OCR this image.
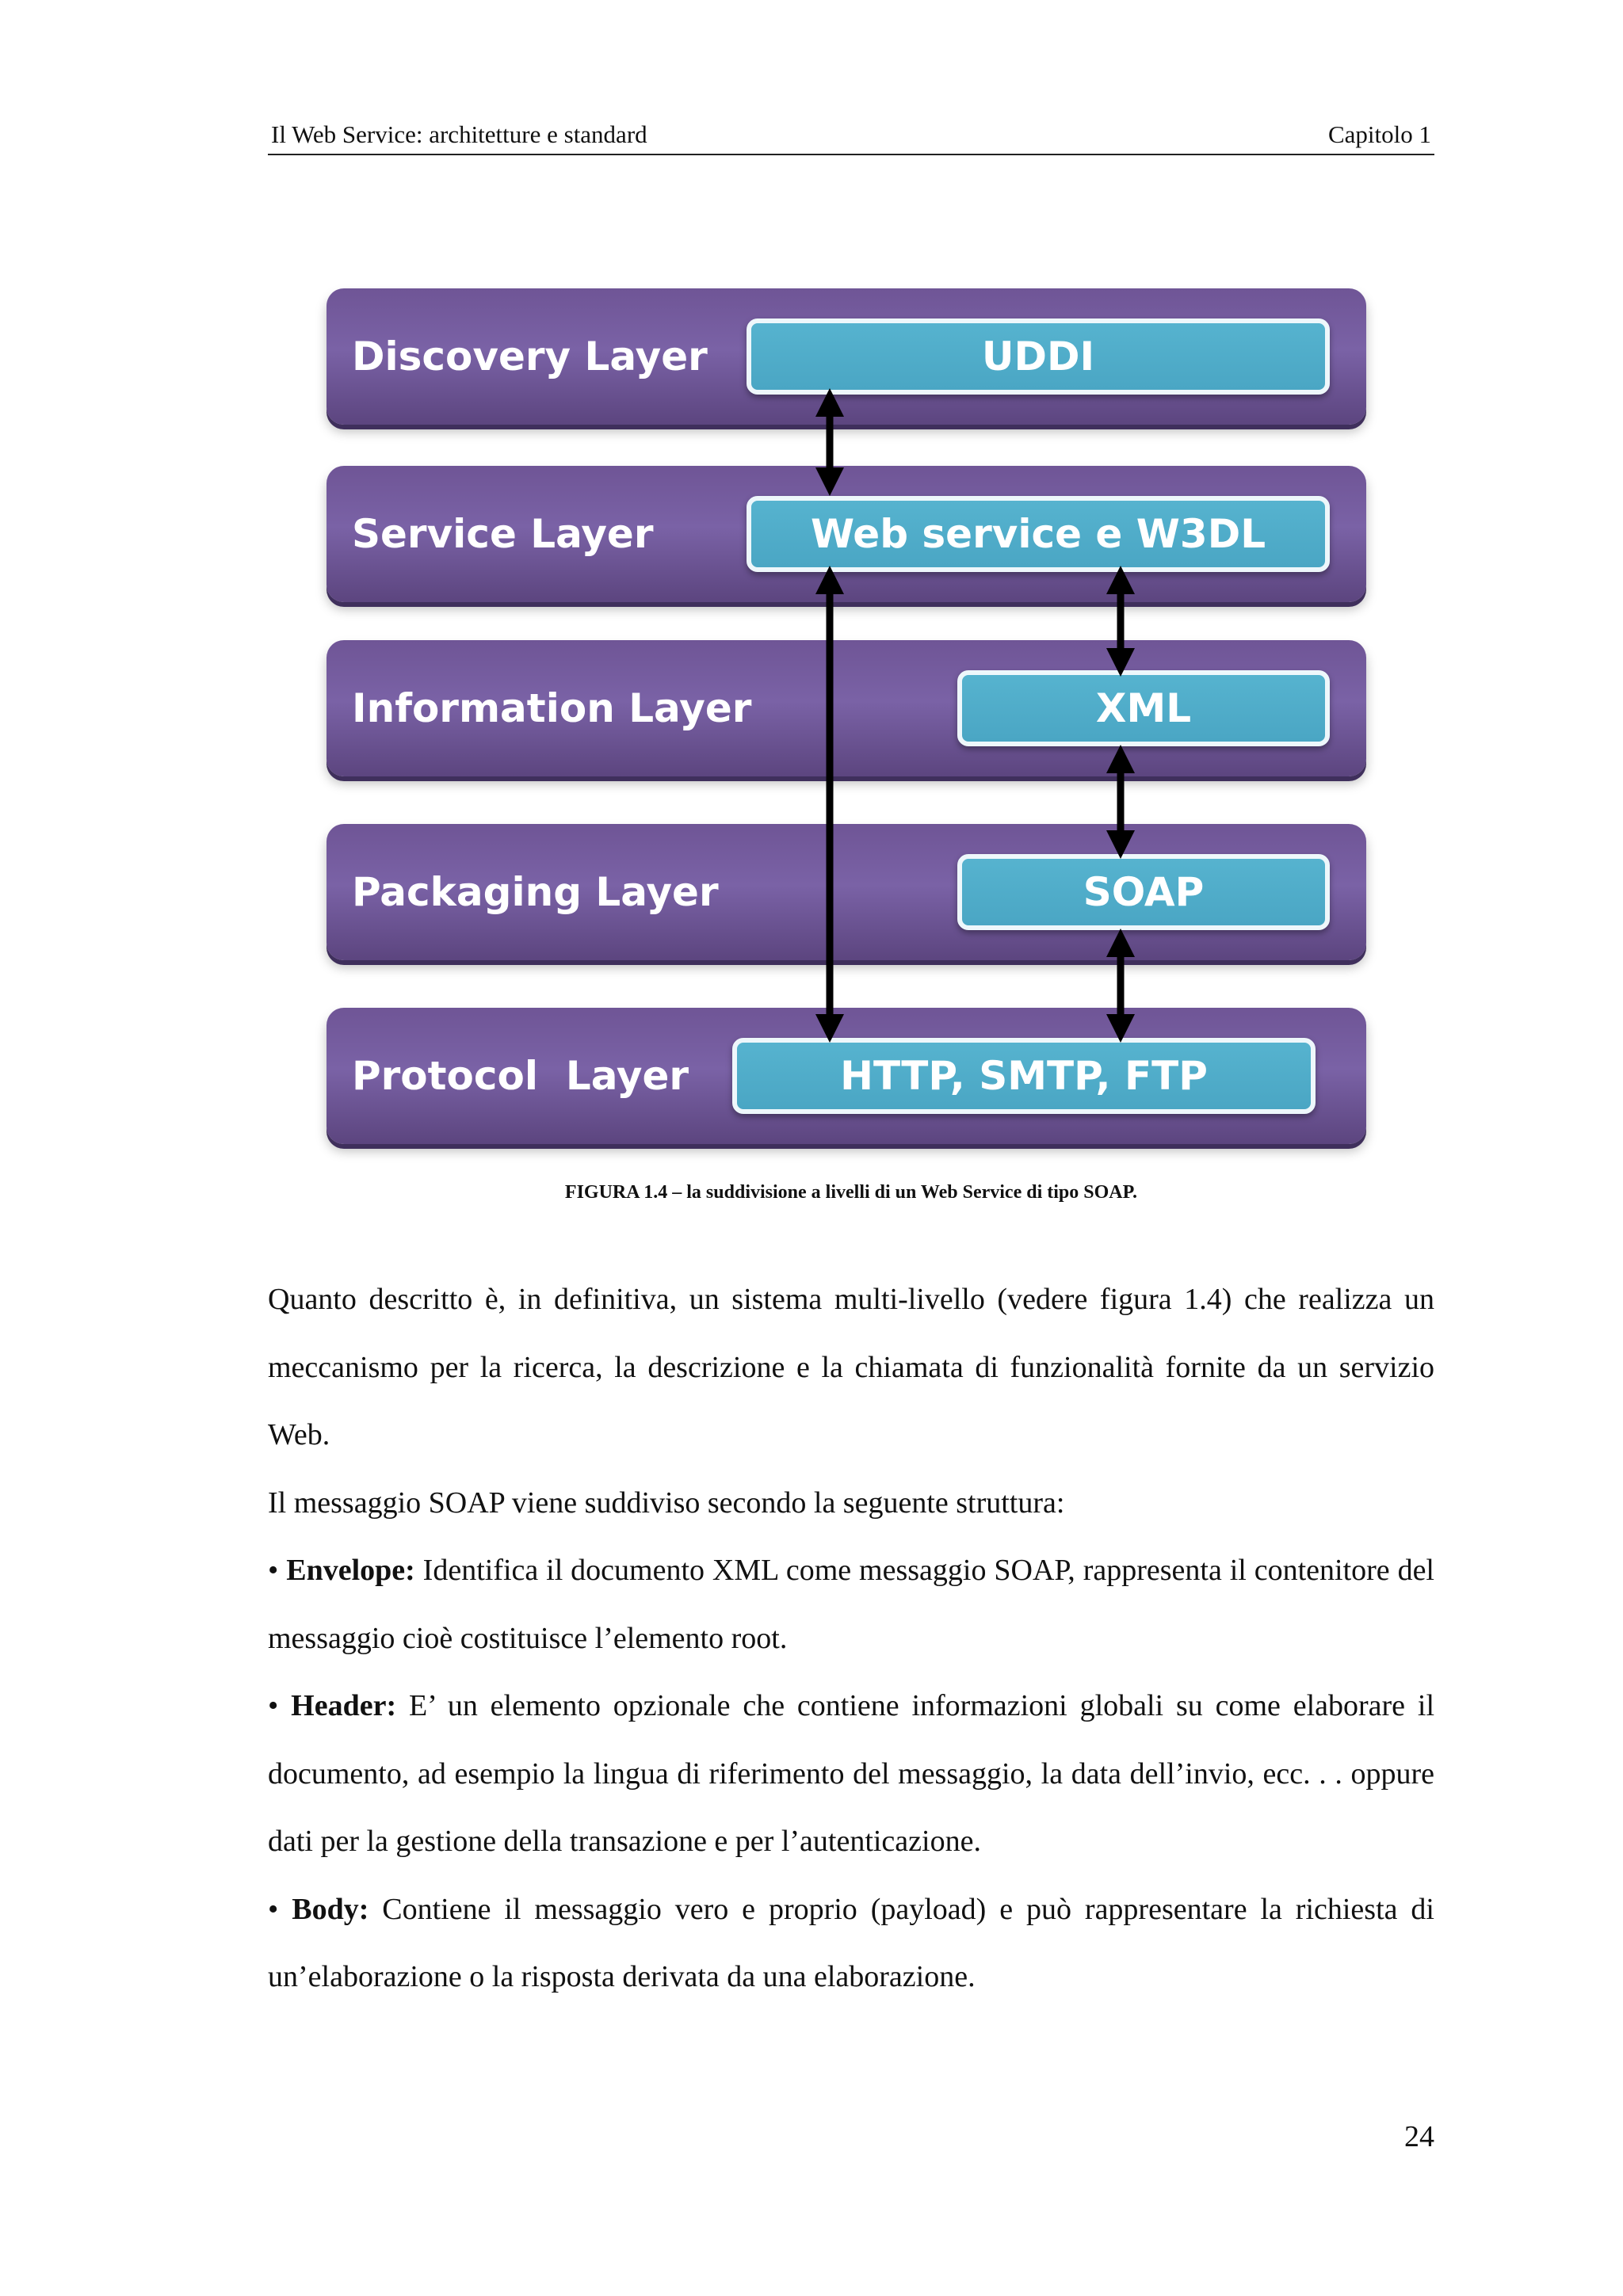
Il Web Service: architetture e standard	Capitolo 1
Discovery Layer	UDDI
Service Layer	Web service e W3DL
Information Layer	XML
Packaging Layer	SOAP
Protocol  Layer	HTTP, SMTP, FTP
FIGURA 1.4 – la suddivisione a livelli di un Web Service di tipo SOAP.

Quanto descritto è, in definitiva, un sistema multi-livello (vedere figura 1.4) che realizza un meccanismo per la ricerca, la descrizione e la chiamata di funzionalità fornite da un servizio Web.

Il messaggio SOAP viene suddiviso secondo la seguente struttura:

• Envelope: Identifica il documento XML come messaggio SOAP, rappresenta il contenitore del messaggio cioè costituisce l’elemento root.

• Header: E’ un elemento opzionale che contiene informazioni globali su come elaborare il documento, ad esempio la lingua di riferimento del messaggio, la data dell’invio, ecc. . . oppure dati per la gestione della transazione e per l’autenticazione.

• Body: Contiene il messaggio vero e proprio (payload) e può rappresentare la richiesta di un’elaborazione o la risposta derivata da una elaborazione.

24
